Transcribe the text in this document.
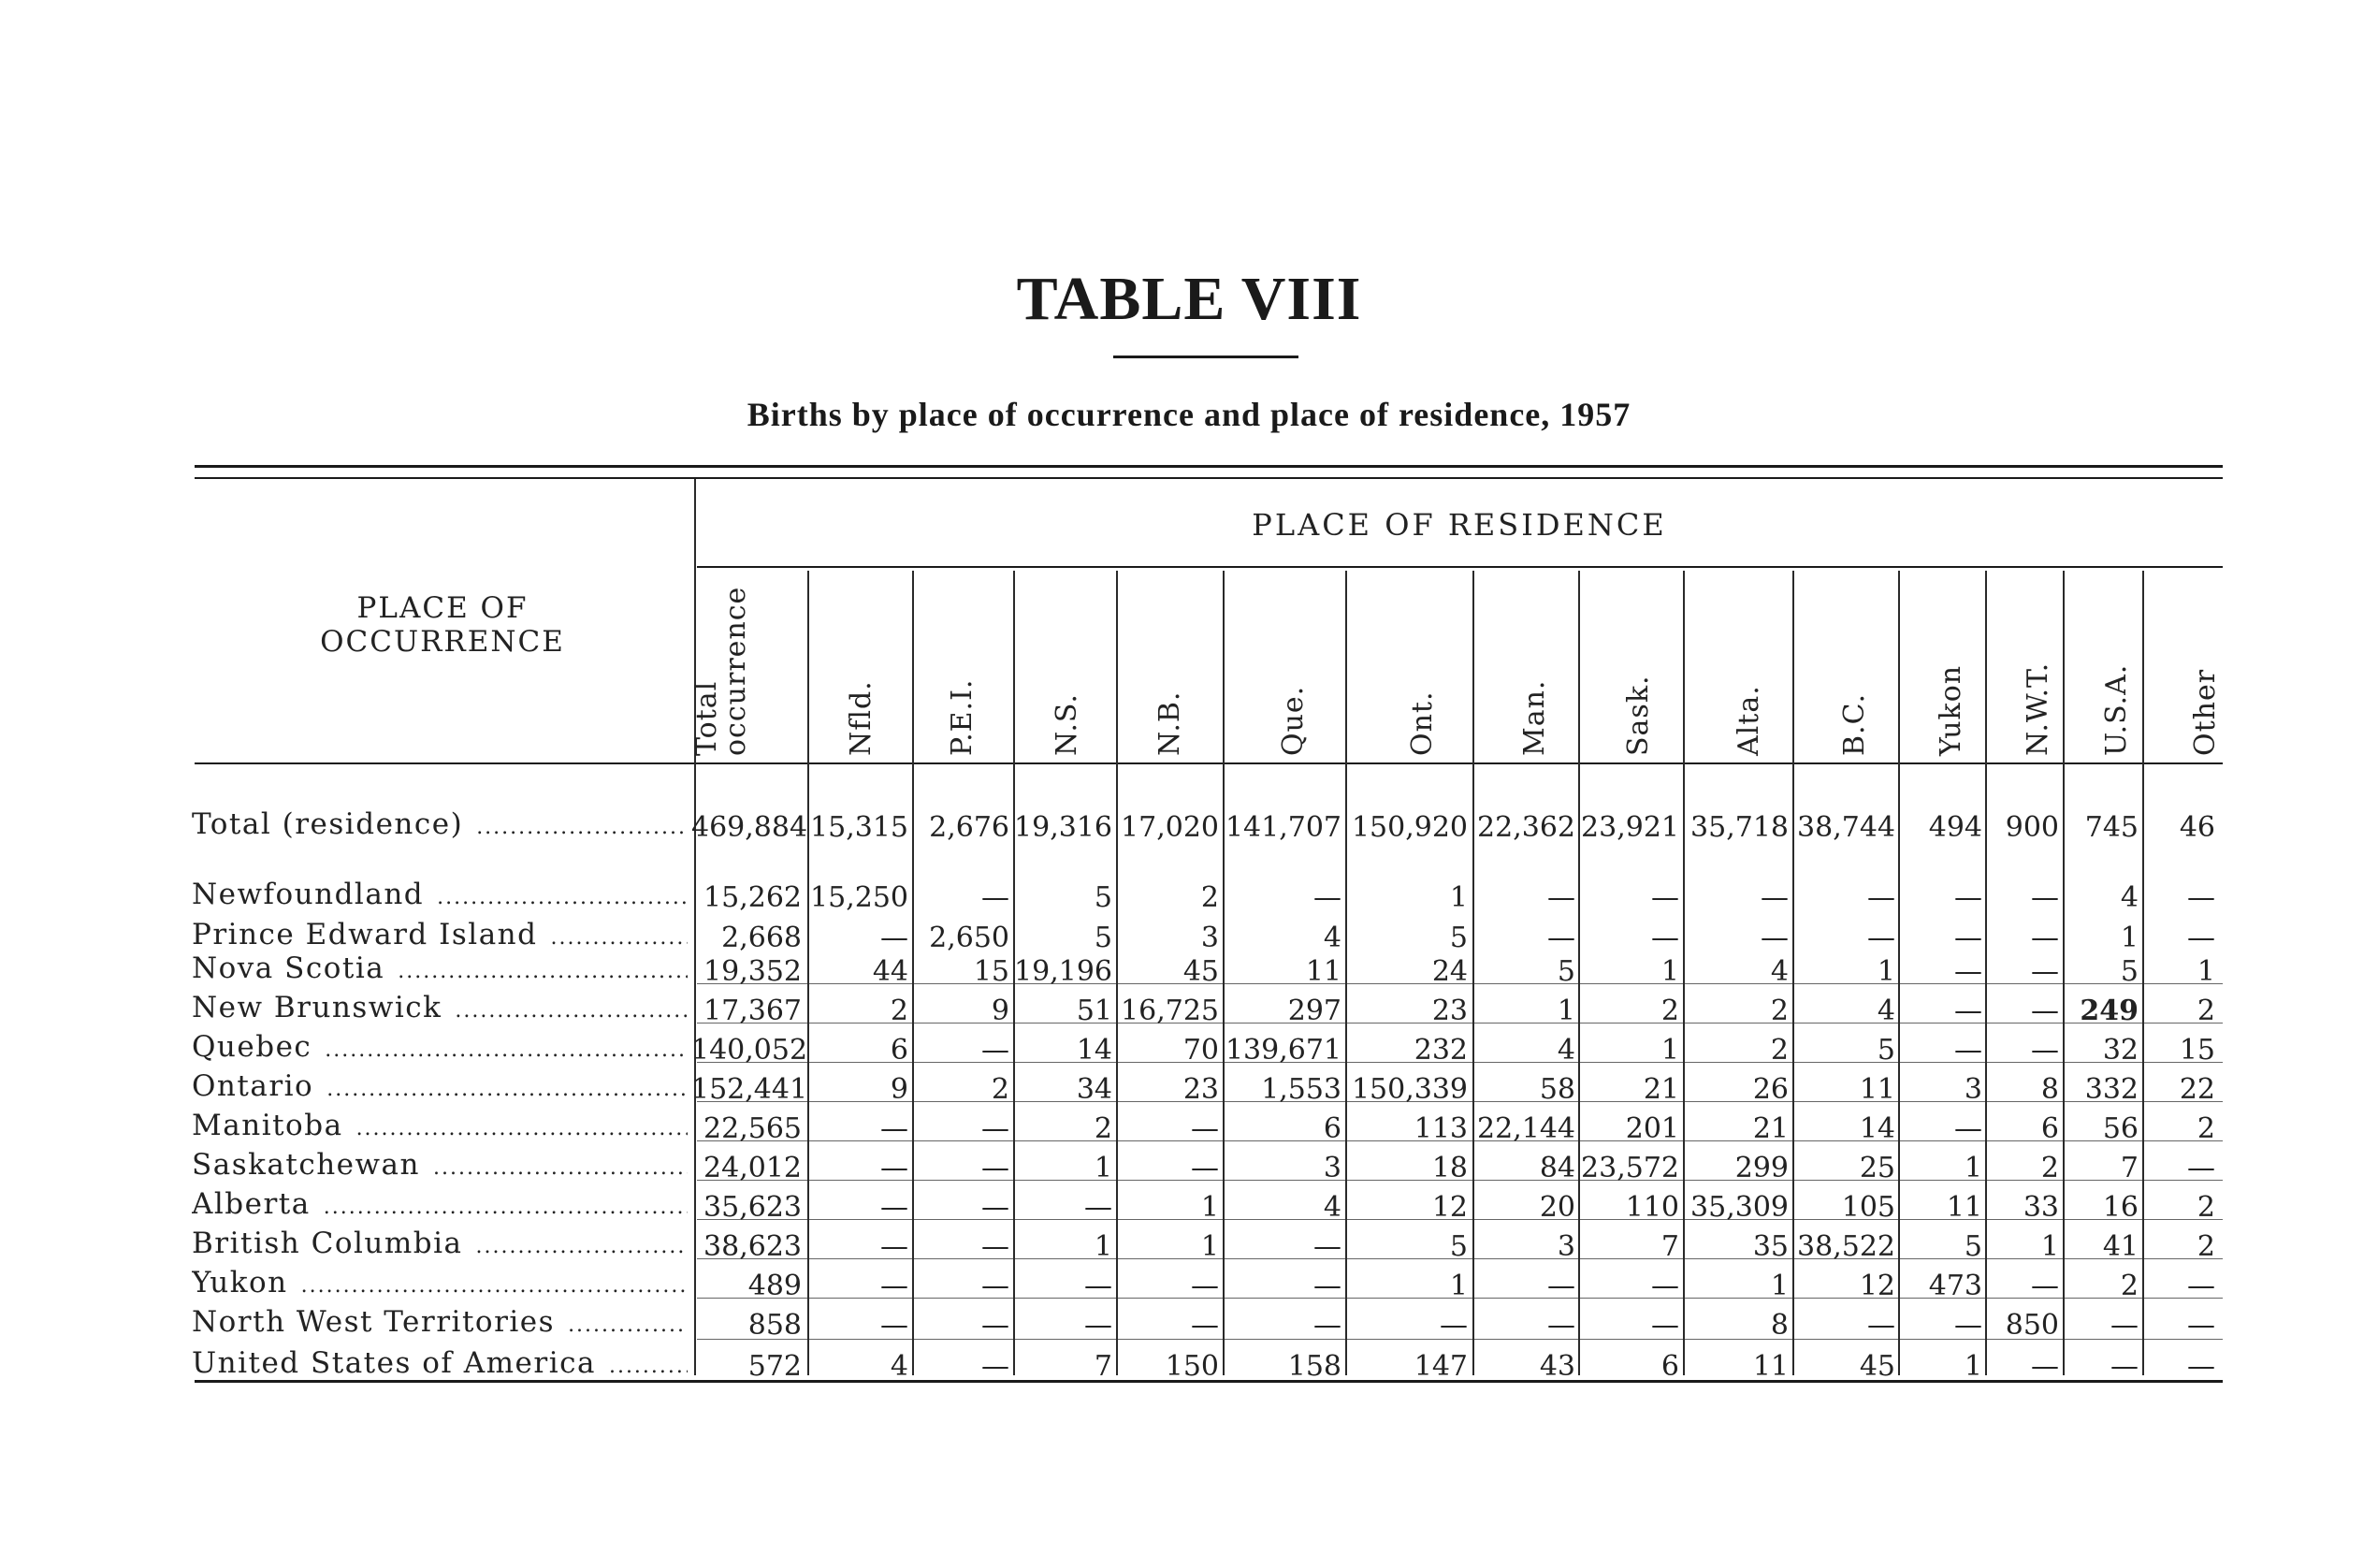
TABLE VIII
Births by place of occurrence and place of residence, 1957
PLACE OF
OCCURRENCE
PLACE OF RESIDENCE
Total
occurrence	Nfld. P.E.I.	N.S.	N.B.	Que.	Ont.	Man.	Sask.	Alta.	B.C. Yukon N.W.T. U.S.A. Other
Total (residence) .....	469,884 15,315 2,676 19,316 17,020 141,707 150,920 22,362 23,921 35,718 38,744	494 900 745	46
Newfoundland .....	15,262 15,250	—	5	2	—	1	—	—	—	—	—	—	4	—
Prince Edward Island .....	2,668	— 2,650	5	3	4	5	—	—	—	—	—	—	1	—
Nova Scotia .....	19,352	44	15 19,196	45	11	24	5	1	4	1	—	—	5	1
New Brunswick .....	17,367	2	9	51 16,725	297	23	1	2	2	4	—	— 249	2
Quebec .....	140,052	6	—	14	70 139,671	232	4	1	2	5	—	—	32	15
Ontario .....	152,441	9	2	34	23	1,553 150,339	58	21	26	11	3	8 332	22
Manitoba .....	22,565	—	—	2	—	6	113 22,144	201	21	14	—	6	56	2
Saskatchewan .....	24,012	—	—	1	—	3	18	84 23,572	299	25	1	2	7	—
Alberta .....	35,623	—	—	—	1	4	12	20	110 35,309	105	11	33	16	2
British Columbia .....	38,623	—	—	1	1	—	5	3	7	35 38,522	5	1	41	2
Yukon .....	489	—	—	—	—	—	1	—	—	1	12	473	—	2	—
North West Territories .....	858	—	—	—	—	—	—	—	—	8	—	— 850	—	—
United States of America .....	572	4	—	7	150	158	147	43	6	11	45	1	—	—	—
